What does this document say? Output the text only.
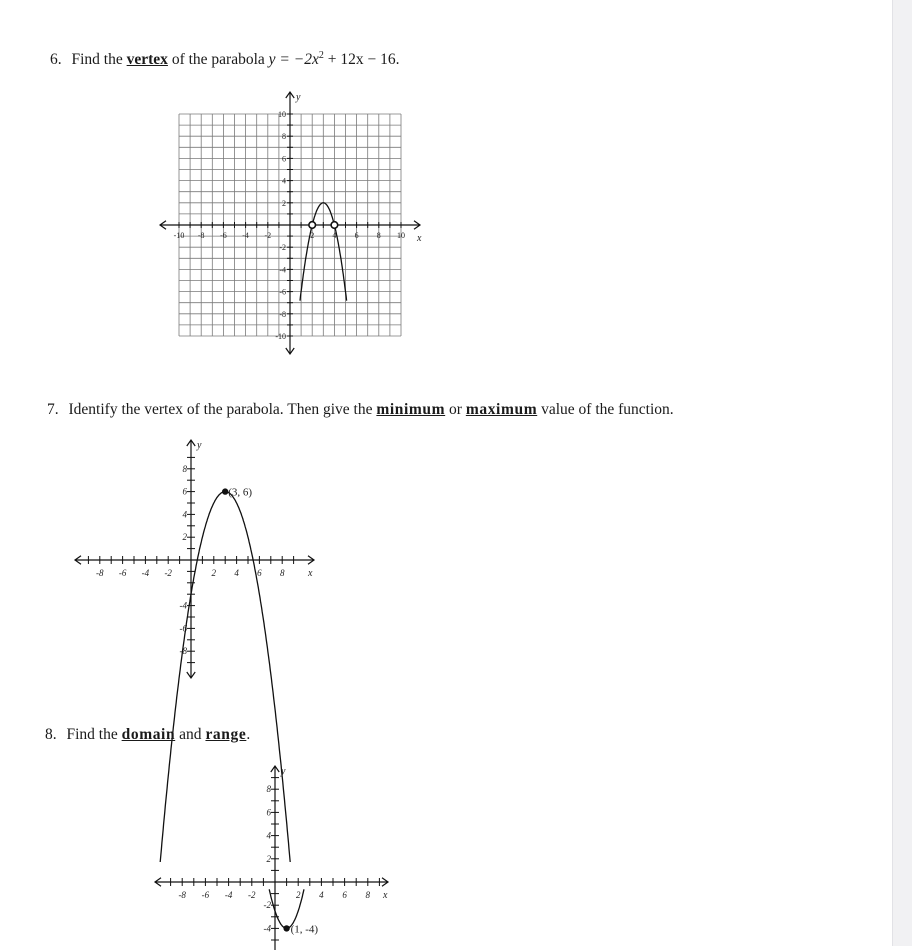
6. Find the vertex of the parabola $y = -2x^2 + 12x - 16$.
-10 -8 -6 -4 -2	2 4 6 8 10
10
8
6
4
2
-2
-4
-6
-8
-10
x
y
7. Identify the vertex of the parabola. Then give the minimum or maximum value of the function.
-8 -6 -4 -2	2 4 6 8
8
6
4
2
-4
-6
-8
(3, 6)
x
y
8. Find the domain and range.
-8 -6 -4 -2	2 4 6 8
8
6
4
2
-2
-4 (1, -4)
x
y
